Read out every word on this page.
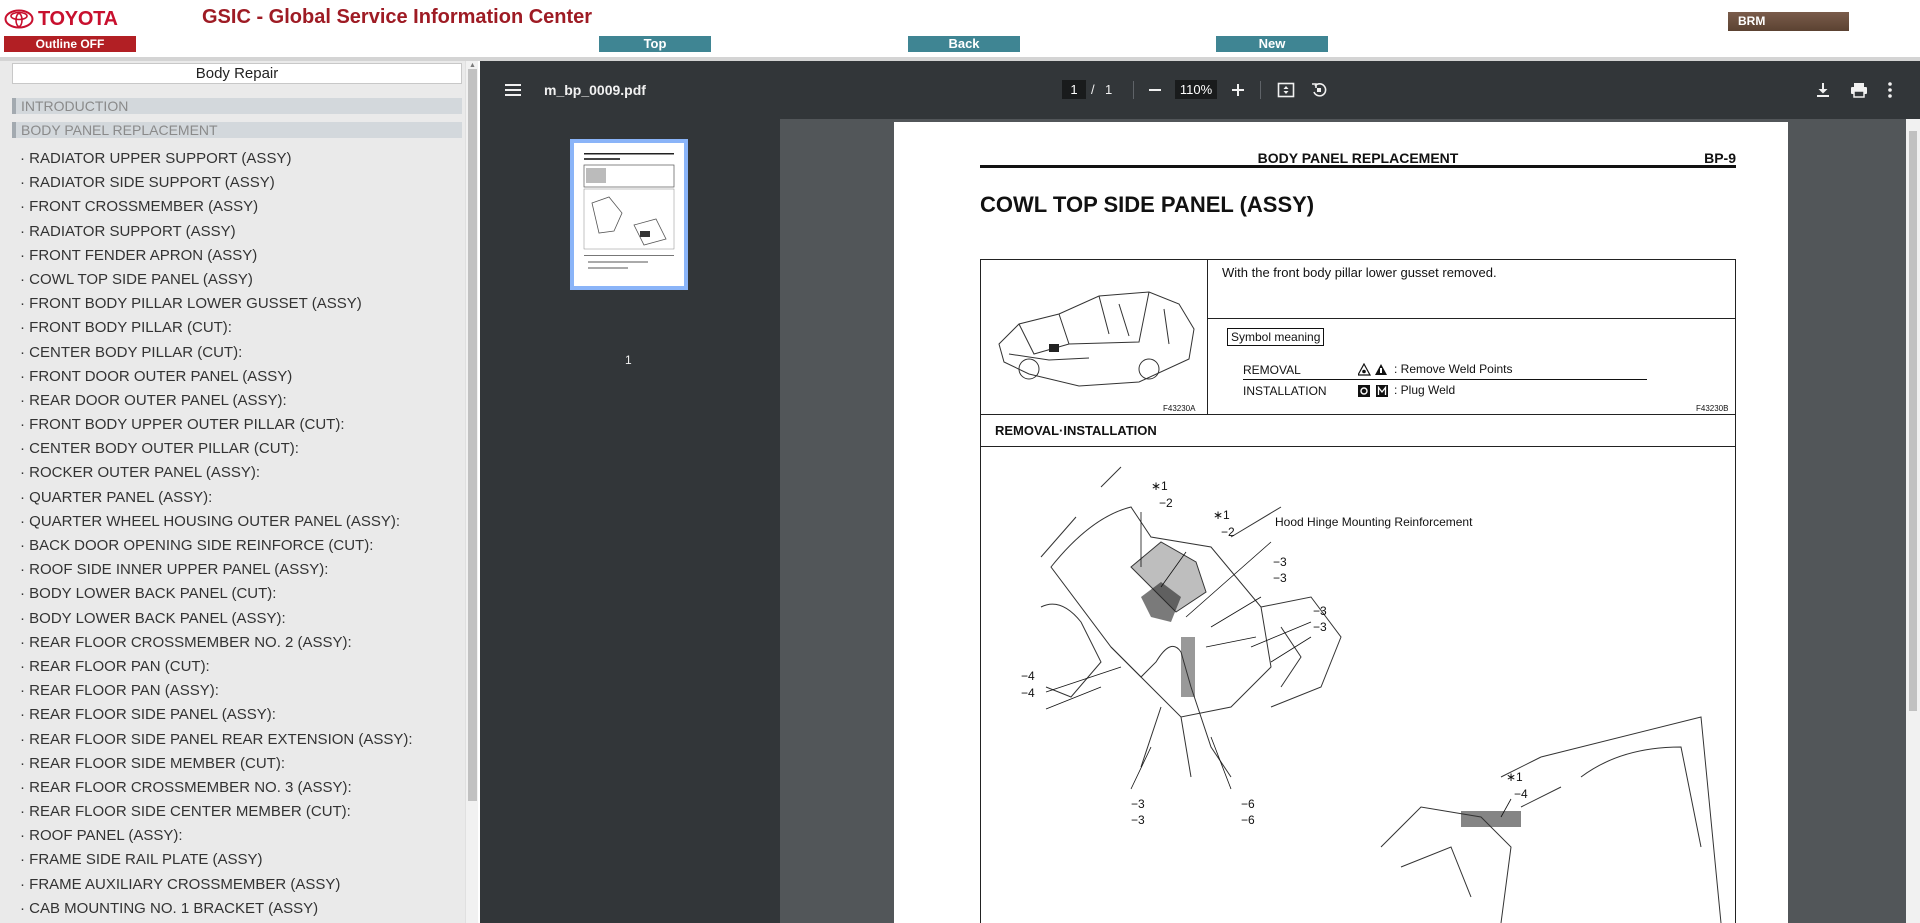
TOYOTA
Outline OFF
GSIC - Global Service Information Center
Top	Back	New
BRM
Body Repair
INTRODUCTION
BODY PANEL REPLACEMENT
· RADIATOR UPPER SUPPORT (ASSY)
· RADIATOR SIDE SUPPORT (ASSY)
· FRONT CROSSMEMBER (ASSY)
· RADIATOR SUPPORT (ASSY)
· FRONT FENDER APRON (ASSY)
· COWL TOP SIDE PANEL (ASSY)
· FRONT BODY PILLAR LOWER GUSSET (ASSY)
· FRONT BODY PILLAR (CUT):
· CENTER BODY PILLAR (CUT):
· FRONT DOOR OUTER PANEL (ASSY)
· REAR DOOR OUTER PANEL (ASSY):
· FRONT BODY UPPER OUTER PILLAR (CUT):
· CENTER BODY OUTER PILLAR (CUT):
· ROCKER OUTER PANEL (ASSY):
· QUARTER PANEL (ASSY):
· QUARTER WHEEL HOUSING OUTER PANEL (ASSY):
· BACK DOOR OPENING SIDE REINFORCE (CUT):
· ROOF SIDE INNER UPPER PANEL (ASSY):
· BODY LOWER BACK PANEL (CUT):
· BODY LOWER BACK PANEL (ASSY):
· REAR FLOOR CROSSMEMBER NO. 2 (ASSY):
· REAR FLOOR PAN (CUT):
· REAR FLOOR PAN (ASSY):
· REAR FLOOR SIDE PANEL (ASSY):
· REAR FLOOR SIDE PANEL REAR EXTENSION (ASSY):
· REAR FLOOR SIDE MEMBER (CUT):
· REAR FLOOR CROSSMEMBER NO. 3 (ASSY):
· REAR FLOOR SIDE CENTER MEMBER (CUT):
· ROOF PANEL (ASSY):
· FRAME SIDE RAIL PLATE (ASSY)
· FRAME AUXILIARY CROSSMEMBER (ASSY)
· CAB MOUNTING NO. 1 BRACKET (ASSY)
▲
m_bp_0009.pdf	1	/ 1	110%
1
BODY PANEL REPLACEMENT	BP-9
COWL TOP SIDE PANEL (ASSY)
With the front body pillar lower gusset removed.
Symbol meaning
REMOVAL	: Remove Weld Points
INSTALLATION	: Plug Weld
F43230A	F43230B
REMOVAL·INSTALLATION
∗1
−2
∗1
−2
−3
−3
−3
−3
−4
−4
−3
−3
−6
−6
∗1
−4
Hood Hinge Mounting Reinforcement
